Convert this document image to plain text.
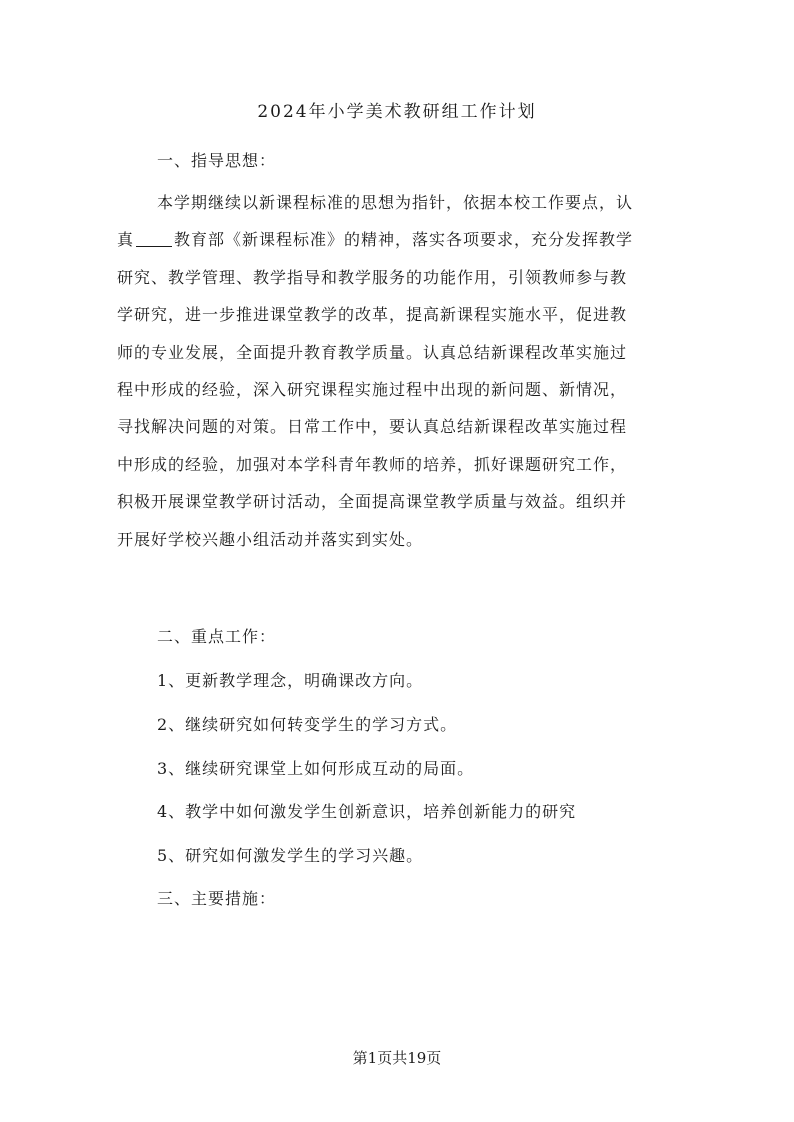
2024年小学美术教研组工作计划
一、指导思想：

本学期继续以新课程标准的思想为指针，依据本校工作要点，认

真	教育部《新课程标准》的精神，落实各项要求，充分发挥教学

研究、教学管理、教学指导和教学服务的功能作用，引领教师参与教

学研究，进一步推进课堂教学的改革，提高新课程实施水平，促进教

师的专业发展，全面提升教育教学质量。认真总结新课程改革实施过

程中形成的经验，深入研究课程实施过程中出现的新问题、新情况，

寻找解决问题的对策。日常工作中，要认真总结新课程改革实施过程

中形成的经验，加强对本学科青年教师的培养，抓好课题研究工作，

积极开展课堂教学研讨活动，全面提高课堂教学质量与效益。组织并

开展好学校兴趣小组活动并落实到实处。

二、重点工作：
1、更新教学理念，明确课改方向。
2、继续研究如何转变学生的学习方式。
3、继续研究课堂上如何形成互动的局面。
4、教学中如何激发学生创新意识，培养创新能力的研究
5、研究如何激发学生的学习兴趣。
三、主要措施：
第1页共19页
